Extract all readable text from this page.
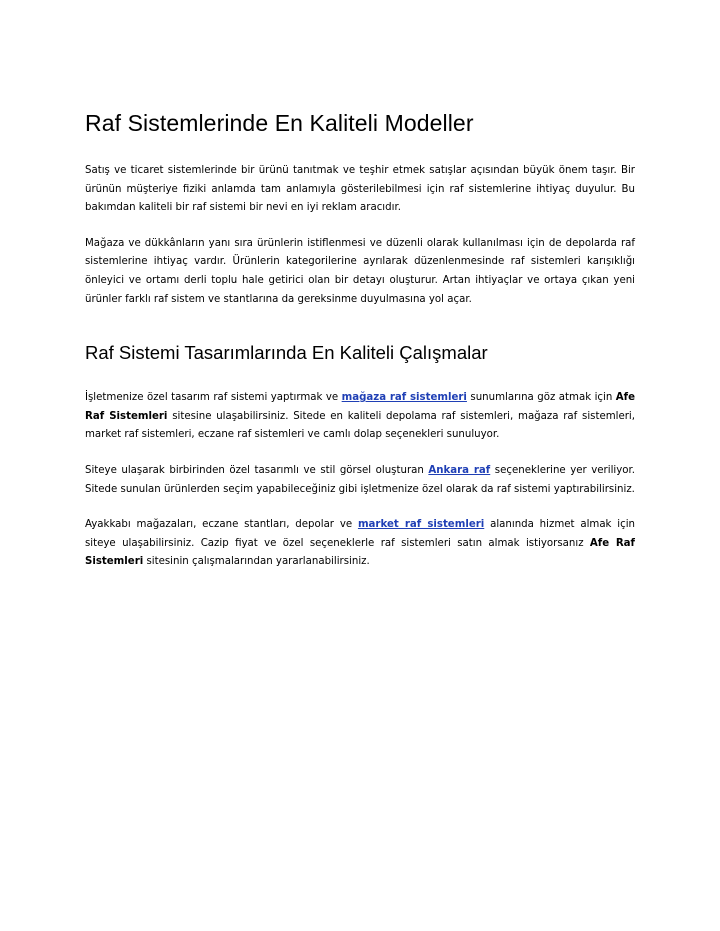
Raf Sistemlerinde En Kaliteli Modeller

Satış ve ticaret sistemlerinde bir ürünü tanıtmak ve teşhir etmek satışlar açısından büyük önem taşır. Bir ürünün müşteriye fiziki anlamda tam anlamıyla gösterilebilmesi için raf sistemlerine ihtiyaç duyulur. Bu bakımdan kaliteli bir raf sistemi bir nevi en iyi reklam aracıdır.

Mağaza ve dükkânların yanı sıra ürünlerin istiflenmesi ve düzenli olarak kullanılması için de depolarda raf sistemlerine ihtiyaç vardır. Ürünlerin kategorilerine ayrılarak düzenlenmesinde raf sistemleri karışıklığı önleyici ve ortamı derli toplu hale getirici olan bir detayı oluşturur. Artan ihtiyaçlar ve ortaya çıkan yeni ürünler farklı raf sistem ve stantlarına da gereksinme duyulmasına yol açar.

Raf Sistemi Tasarımlarında En Kaliteli Çalışmalar

İşletmenize özel tasarım raf sistemi yaptırmak ve mağaza raf sistemleri sunumlarına göz atmak için Afe Raf Sistemleri sitesine ulaşabilirsiniz. Sitede en kaliteli depolama raf sistemleri, mağaza raf sistemleri, market raf sistemleri, eczane raf sistemleri ve camlı dolap seçenekleri sunuluyor.

Siteye ulaşarak birbirinden özel tasarımlı ve stil görsel oluşturan Ankara raf seçeneklerine yer veriliyor. Sitede sunulan ürünlerden seçim yapabileceğiniz gibi işletmenize özel olarak da raf sistemi yaptırabilirsiniz.

Ayakkabı mağazaları, eczane stantları, depolar ve market raf sistemleri alanında hizmet almak için siteye ulaşabilirsiniz. Cazip fiyat ve özel seçeneklerle raf sistemleri satın almak istiyorsanız Afe Raf Sistemleri sitesinin çalışmalarından yararlanabilirsiniz.
